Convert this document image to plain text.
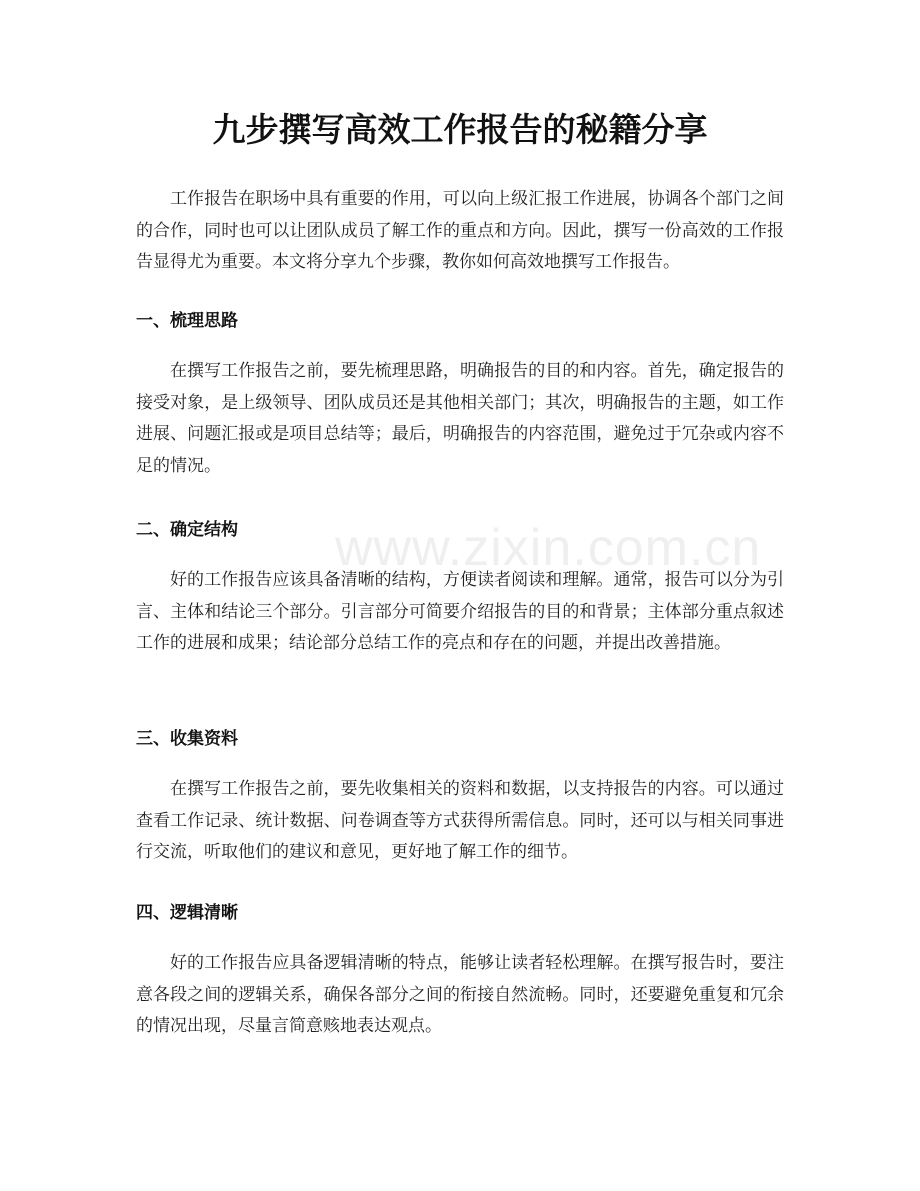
九步撰写高效工作报告的秘籍分享

工作报告在职场中具有重要的作用，可以向上级汇报工作进展，协调各个部门之间的合作，同时也可以让团队成员了解工作的重点和方向。因此，撰写一份高效的工作报告显得尤为重要。本文将分享九个步骤，教你如何高效地撰写工作报告。

一、梳理思路

在撰写工作报告之前，要先梳理思路，明确报告的目的和内容。首先，确定报告的接受对象，是上级领导、团队成员还是其他相关部门；其次，明确报告的主题，如工作进展、问题汇报或是项目总结等；最后，明确报告的内容范围，避免过于冗杂或内容不足的情况。

二、确定结构

好的工作报告应该具备清晰的结构，方便读者阅读和理解。通常，报告可以分为引言、主体和结论三个部分。引言部分可简要介绍报告的目的和背景；主体部分重点叙述工作的进展和成果；结论部分总结工作的亮点和存在的问题，并提出改善措施。

三、收集资料

在撰写工作报告之前，要先收集相关的资料和数据，以支持报告的内容。可以通过查看工作记录、统计数据、问卷调查等方式获得所需信息。同时，还可以与相关同事进行交流，听取他们的建议和意见，更好地了解工作的细节。

四、逻辑清晰

好的工作报告应具备逻辑清晰的特点，能够让读者轻松理解。在撰写报告时，要注意各段之间的逻辑关系，确保各部分之间的衔接自然流畅。同时，还要避免重复和冗余的情况出现，尽量言简意赅地表达观点。

www.zixin.com.cn
